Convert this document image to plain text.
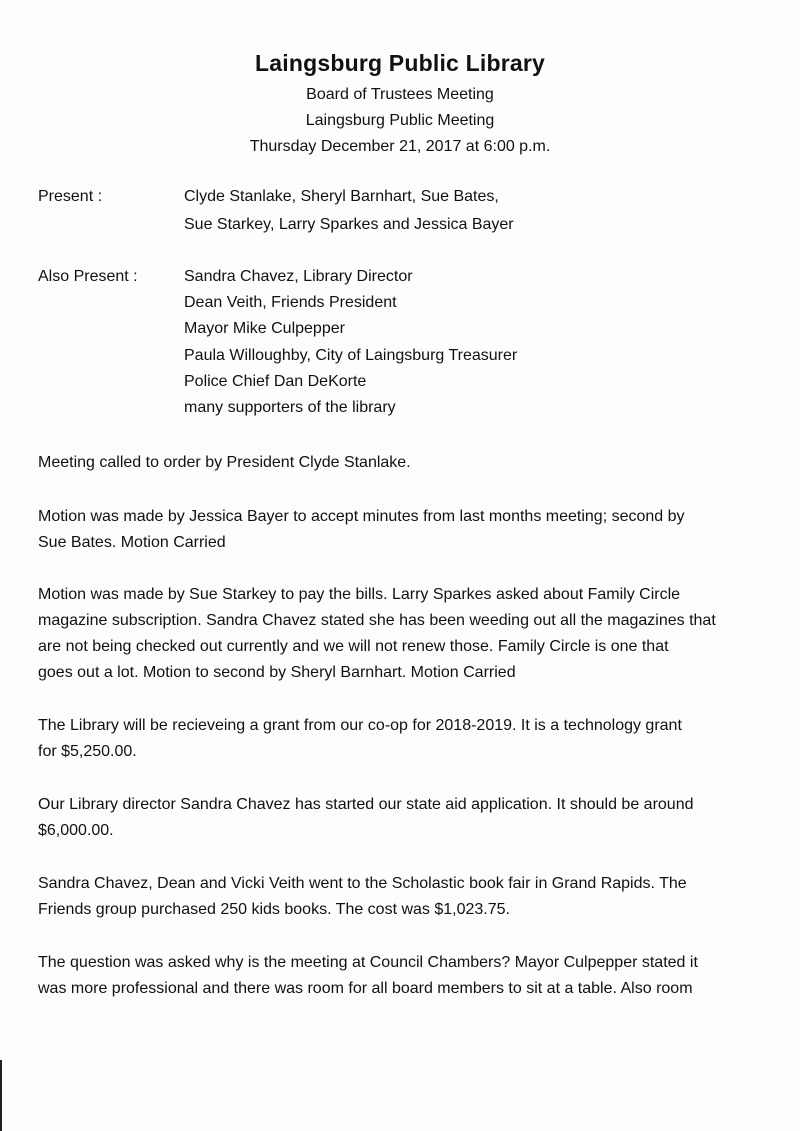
Laingsburg Public Library
Board of Trustees Meeting
Laingsburg Public Meeting
Thursday December 21, 2017 at 6:00 p.m.
Present :	Clyde Stanlake, Sheryl Barnhart, Sue Bates,
Sue Starkey, Larry Sparkes and Jessica Bayer
Also Present :	Sandra Chavez, Library Director
Dean Veith, Friends President
Mayor Mike Culpepper
Paula Willoughby, City of Laingsburg Treasurer
Police Chief Dan DeKorte
many supporters of the library

Meeting called to order by President Clyde Stanlake.

Motion was made by Jessica Bayer to accept minutes from last months meeting; second by
Sue Bates. Motion Carried

Motion was made by Sue Starkey to pay the bills. Larry Sparkes asked about Family Circle
magazine subscription. Sandra Chavez stated she has been weeding out all the magazines that
are not being checked out currently and we will not renew those. Family Circle is one that
goes out a lot. Motion to second by Sheryl Barnhart. Motion Carried

The Library will be recieveing a grant from our co-op for 2018-2019. It is a technology grant
for $5,250.00.

Our Library director Sandra Chavez has started our state aid application. It should be around
$6,000.00.

Sandra Chavez, Dean and Vicki Veith went to the Scholastic book fair in Grand Rapids. The
Friends group purchased 250 kids books. The cost was $1,023.75.

The question was asked why is the meeting at Council Chambers? Mayor Culpepper stated it
was more professional and there was room for all board members to sit at a table. Also room
